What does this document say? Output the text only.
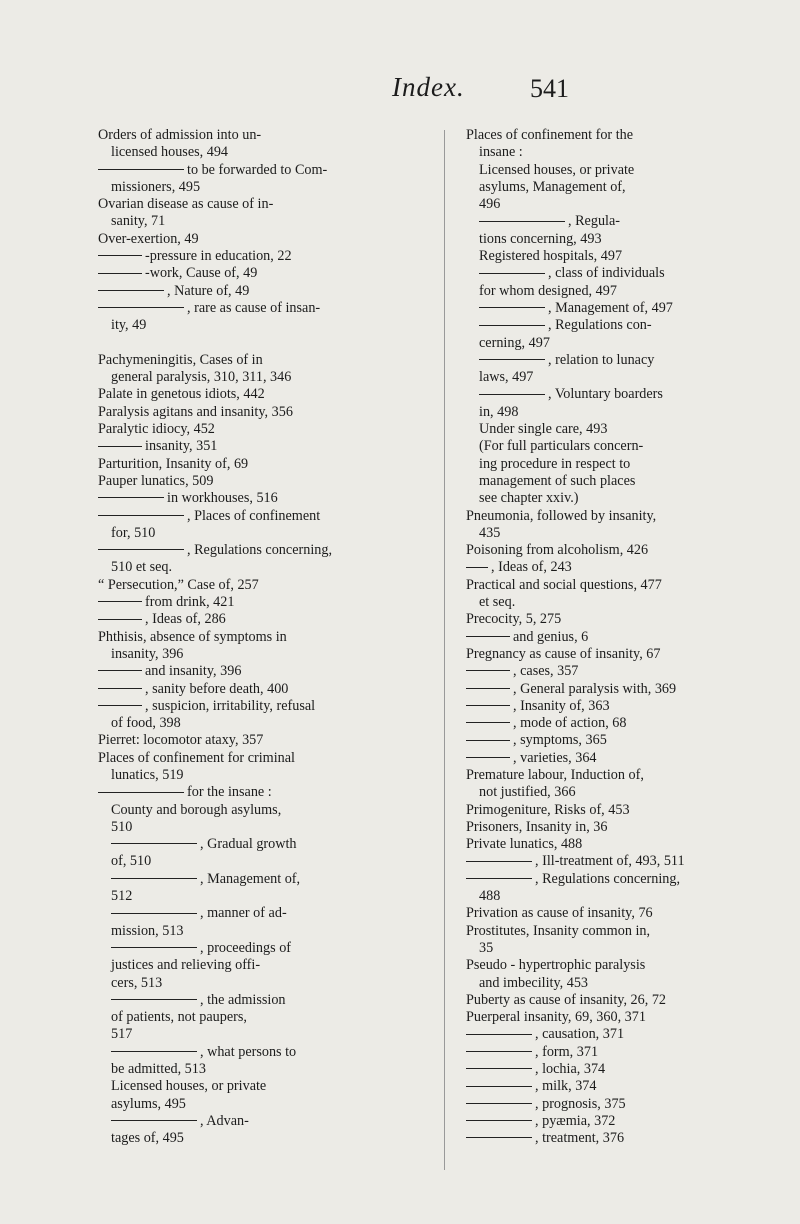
Index.	541
Orders of admission into un-
licensed houses, 494
to be forwarded to Com-
missioners, 495
Ovarian disease as cause of in-
sanity, 71
Over-exertion, 49
-pressure in education, 22
-work, Cause of, 49
, Nature of, 49
, rare as cause of insan-
ity, 49
Pachymeningitis, Cases of in
general paralysis, 310, 311, 346
Palate in genetous idiots, 442
Paralysis agitans and insanity, 356
Paralytic idiocy, 452
insanity, 351
Parturition, Insanity of, 69
Pauper lunatics, 509
in workhouses, 516
, Places of confinement
for, 510
, Regulations concerning,
510 et seq.
“ Persecution,” Case of, 257
from drink, 421
, Ideas of, 286
Phthisis, absence of symptoms in
insanity, 396
and insanity, 396
, sanity before death, 400
, suspicion, irritability, refusal
of food, 398
Pierret: locomotor ataxy, 357
Places of confinement for criminal
lunatics, 519
for the insane :
County and borough asylums,
510
, Gradual growth
of, 510
, Management of,
512
, manner of ad-
mission, 513
, proceedings of
justices and relieving offi-
cers, 513
, the admission
of patients, not paupers,
517
, what persons to
be admitted, 513
Licensed houses, or private
asylums, 495
, Advan-
tages of, 495
Places of confinement for the
insane :
Licensed houses, or private
asylums, Management of,
496
, Regula-
tions concerning, 493
Registered hospitals, 497
, class of individuals
for whom designed, 497
, Management of, 497
, Regulations con-
cerning, 497
, relation to lunacy
laws, 497
, Voluntary boarders
in, 498
Under single care, 493
(For full particulars concern-
ing procedure in respect to
management of such places
see chapter xxiv.)
Pneumonia, followed by insanity,
435
Poisoning from alcoholism, 426
, Ideas of, 243
Practical and social questions, 477
et seq.
Precocity, 5, 275
and genius, 6
Pregnancy as cause of insanity, 67
, cases, 357
, General paralysis with, 369
, Insanity of, 363
, mode of action, 68
, symptoms, 365
, varieties, 364
Premature labour, Induction of,
not justified, 366
Primogeniture, Risks of, 453
Prisoners, Insanity in, 36
Private lunatics, 488
, Ill-treatment of, 493, 511
, Regulations concerning,
488
Privation as cause of insanity, 76
Prostitutes, Insanity common in,
35
Pseudo - hypertrophic paralysis
and imbecility, 453
Puberty as cause of insanity, 26, 72
Puerperal insanity, 69, 360, 371
, causation, 371
, form, 371
, lochia, 374
, milk, 374
, prognosis, 375
, pyæmia, 372
, treatment, 376
